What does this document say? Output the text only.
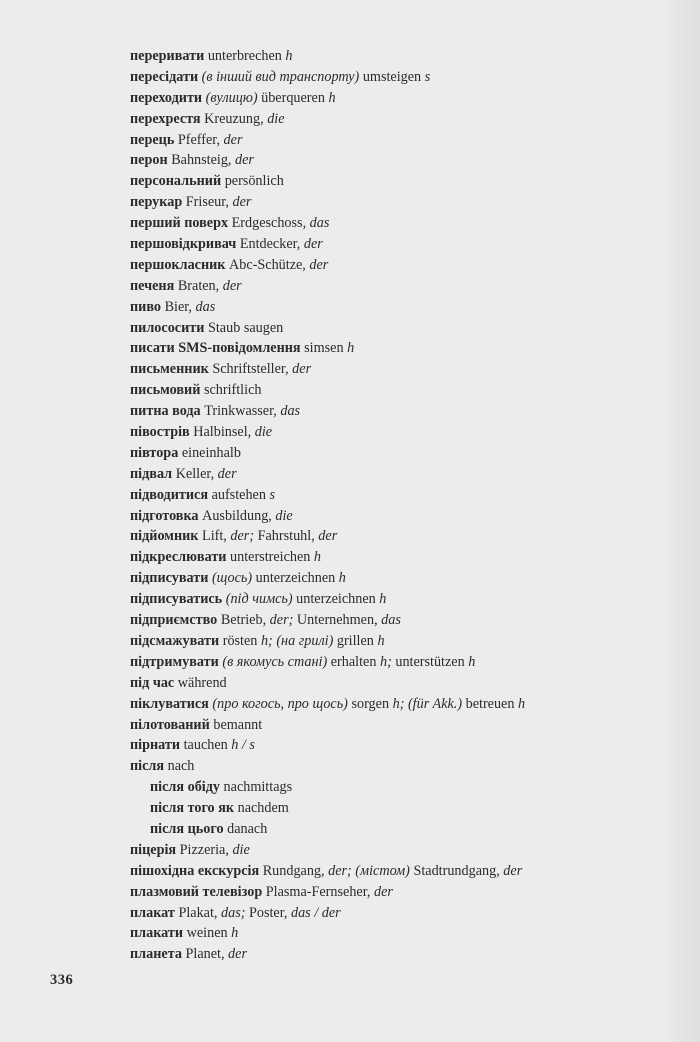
переривати unterbrechen h
пересідати (в інший вид транспорту) umsteigen s
переходити (вулицю) überqueren h
перехрестя Kreuzung, die
перець Pfeffer, der
перон Bahnsteig, der
персональний persönlich
перукар Friseur, der
перший поверх Erdgeschoss, das
першовідкривач Entdecker, der
першокласник Abc-Schütze, der
печеня Braten, der
пиво Bier, das
пилососити Staub saugen
писати SMS-повідомлення simsen h
письменник Schriftsteller, der
письмовий schriftlich
питна вода Trinkwasser, das
півострів Halbinsel, die
півтора eineinhalb
підвал Keller, der
підводитися aufstehen s
підготовка Ausbildung, die
підйомник Lift, der; Fahrstuhl, der
підкреслювати unterstreichen h
підписувати (щось) unterzeichnen h
підписуватись (під чимсь) unterzeichnen h
підприємство Betrieb, der; Unternehmen, das
підсмажувати rösten h; (на грилі) grillen h
підтримувати (в якомусь стані) erhalten h; unterstützen h
під час während
піклуватися (про когось, про щось) sorgen h; (für Akk.) betreuen h
пілотований bemannt
пірнати tauchen h / s
після nach
після обіду nachmittags
після того як nachdem
після цього danach
піцерія Pizzeria, die
пішохідна екскурсія Rundgang, der; (містом) Stadtrundgang, der
плазмовий телевізор Plasma-Fernseher, der
плакат Plakat, das; Poster, das / der
плакати weinen h
планета Planet, der
336
